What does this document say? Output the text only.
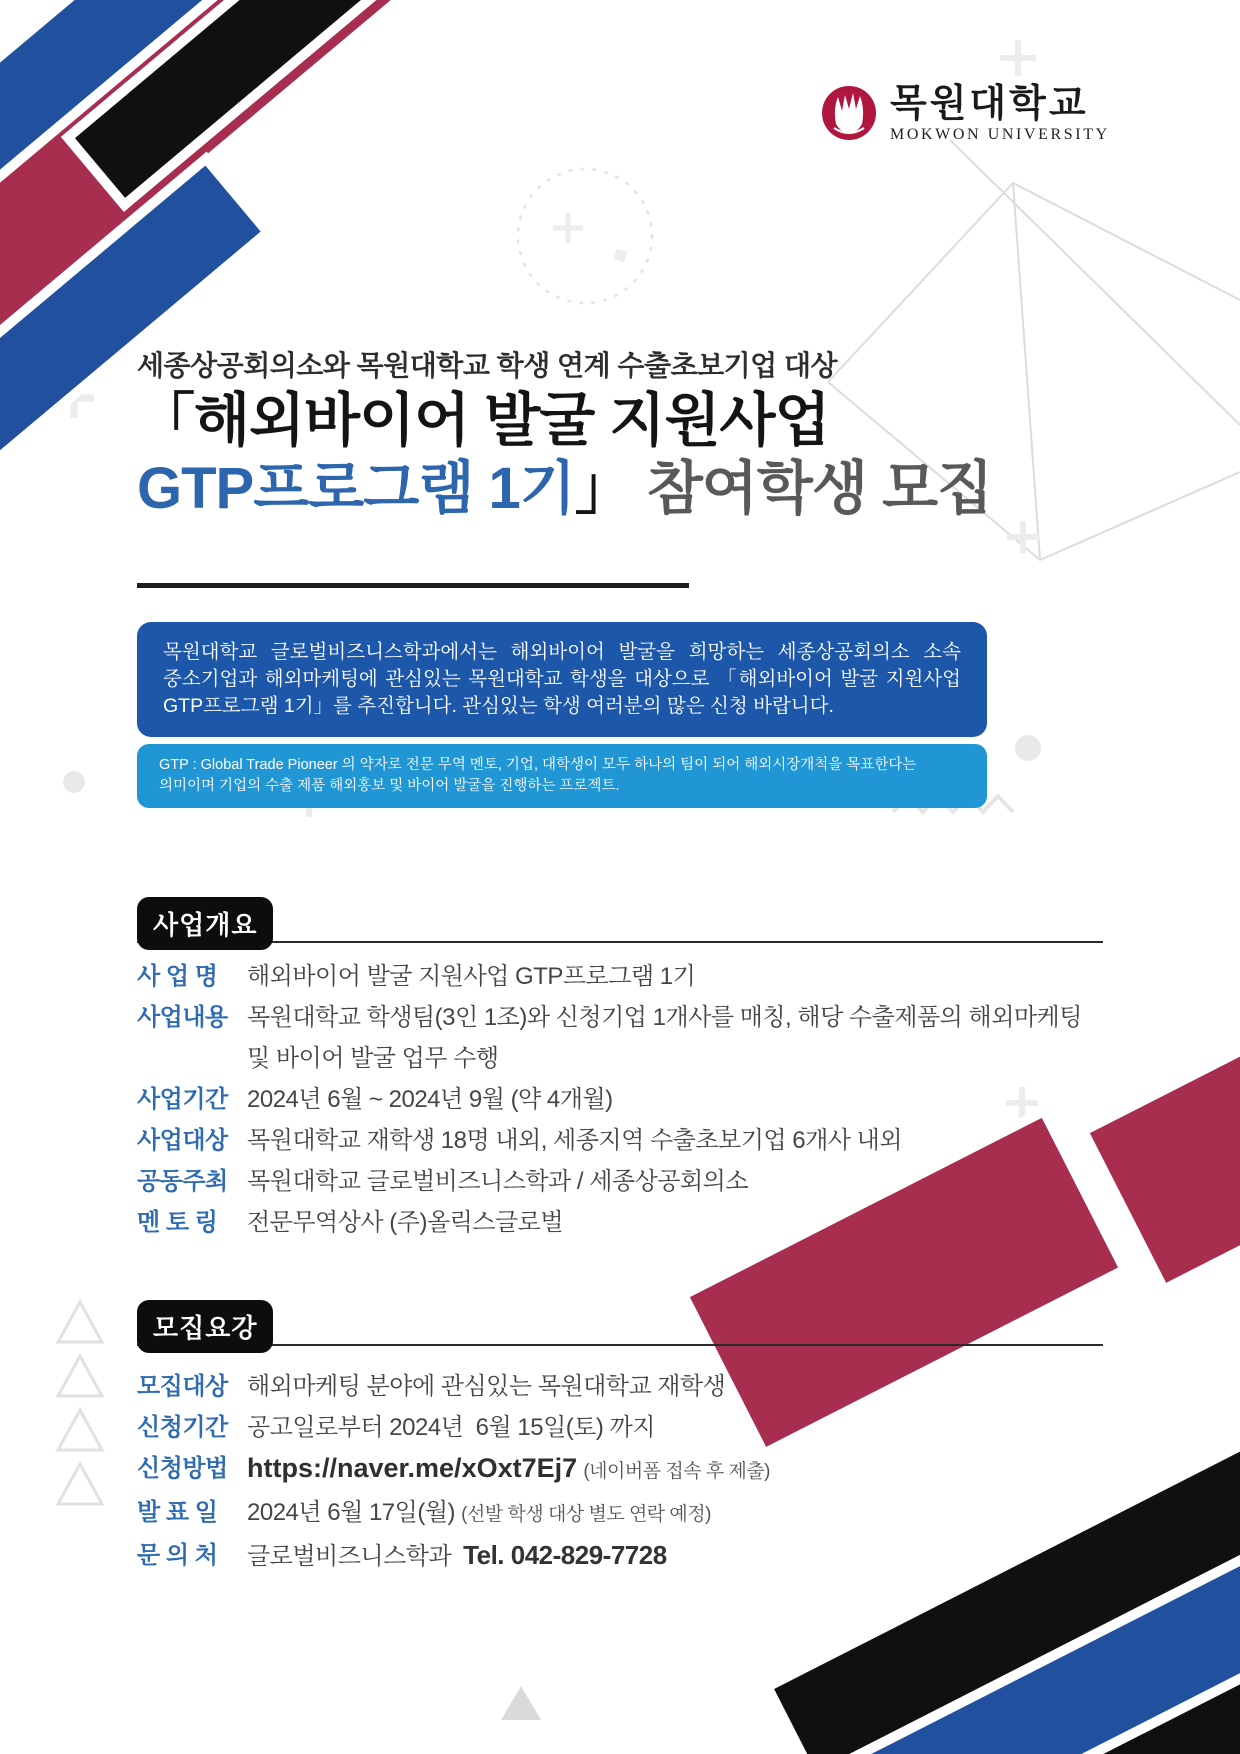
목원대학교
MOKWON UNIVERSITY
세종상공회의소와 목원대학교 학생 연계 수출초보기업 대상
「해외바이어 발굴 지원사업
GTP프로그램 1기」 참여학생 모집
목원대학교 글로벌비즈니스학과에서는 해외바이어 발굴을 희망하는 세종상공회의소 소속
중소기업과 해외마케팅에 관심있는 목원대학교 학생을 대상으로 「해외바이어 발굴 지원사업
GTP프로그램 1기」를 추진합니다. 관심있는 학생 여러분의 많은 신청 바랍니다.
GTP : Global Trade Pioneer 의 약자로 전문 무역 멘토, 기업, 대학생이 모두 하나의 팀이 되어 해외시장개척을 목표한다는
의미이며 기업의 수출 제품 해외홍보 및 바이어 발굴을 진행하는 프로젝트.
사업개요
사 업 명 해외바이어 발굴 지원사업 GTP프로그램 1기
사업내용 목원대학교 학생팀(3인 1조)와 신청기업 1개사를 매칭, 해당 수출제품의 해외마케팅 및 바이어 발굴 업무 수행
사업기간 2024년 6월 ~ 2024년 9월 (약 4개월)
사업대상 목원대학교 재학생 18명 내외, 세종지역 수출초보기업 6개사 내외
공동주최 목원대학교 글로벌비즈니스학과 / 세종상공회의소
멘 토 링 전문무역상사 (주)올릭스글로벌
모집요강
모집대상 해외마케팅 분야에 관심있는 목원대학교 재학생
신청기간 공고일로부터 2024년  6월 15일(토) 까지
신청방법 https://naver.me/xOxt7Ej7 (네이버폼 접속 후 제출)
발 표 일 2024년 6월 17일(월) (선발 학생 대상 별도 연락 예정)
문 의 처 글로벌비즈니스학과 Tel. 042-829-7728
